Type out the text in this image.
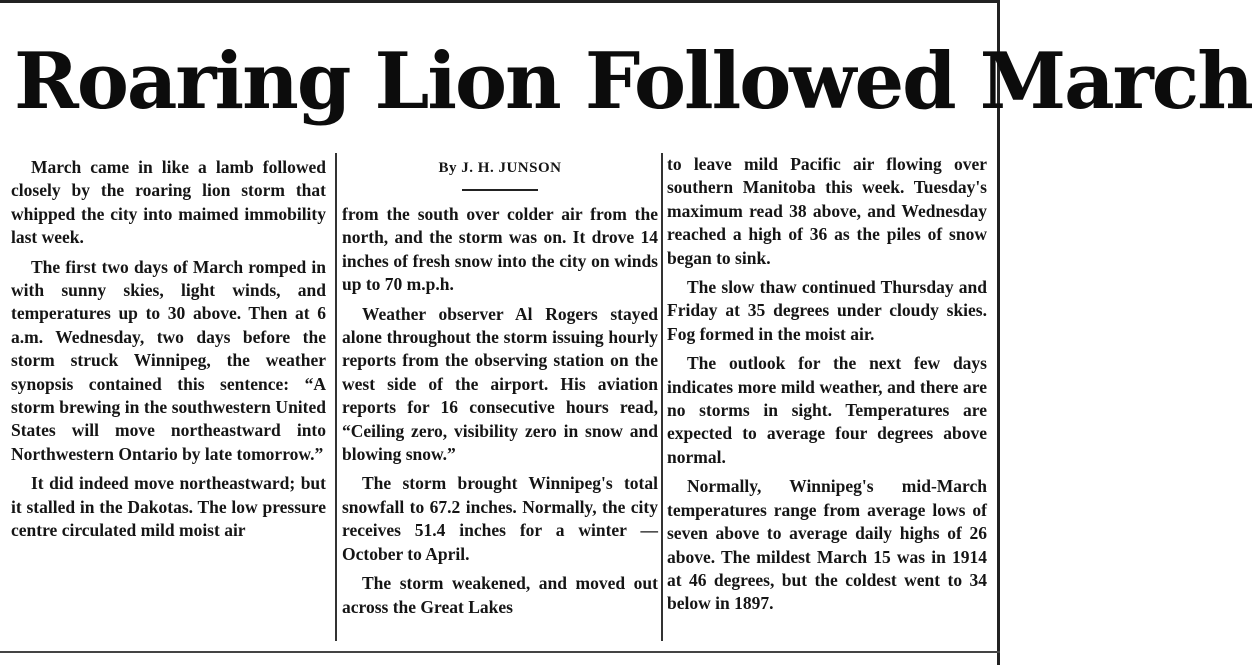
Roaring Lion Followed March

March came in like a lamb followed closely by the roaring lion storm that whipped the city into maimed immobility last week.

The first two days of March romped in with sunny skies, light winds, and temperatures up to 30 above. Then at 6 a.m. Wednesday, two days before the storm struck Winnipeg, the weather synopsis contained this sentence: “A storm brewing in the southwestern United States will move northeastward into Northwestern Ontario by late tomorrow.”

It did indeed move northeastward; but it stalled in the Dakotas. The low pressure centre circulated mild moist air

By J. H. JUNSON

from the south over colder air from the north, and the storm was on. It drove 14 inches of fresh snow into the city on winds up to 70 m.p.h.

Weather observer Al Rogers stayed alone throughout the storm issuing hourly reports from the observing station on the west side of the airport. His aviation reports for 16 consecutive hours read, “Ceiling zero, visibility zero in snow and blowing snow.”

The storm brought Winnipeg's total snowfall to 67.2 inches. Normally, the city receives 51.4 inches for a winter — October to April.

The storm weakened, and moved out across the Great Lakes

to leave mild Pacific air flowing over southern Manitoba this week. Tuesday's maximum read 38 above, and Wednesday reached a high of 36 as the piles of snow began to sink.

The slow thaw continued Thursday and Friday at 35 degrees under cloudy skies. Fog formed in the moist air.

The outlook for the next few days indicates more mild weather, and there are no storms in sight. Temperatures are expected to average four degrees above normal.

Normally, Winnipeg's mid-March temperatures range from average lows of seven above to average daily highs of 26 above. The mildest March 15 was in 1914 at 46 degrees, but the coldest went to 34 below in 1897.
